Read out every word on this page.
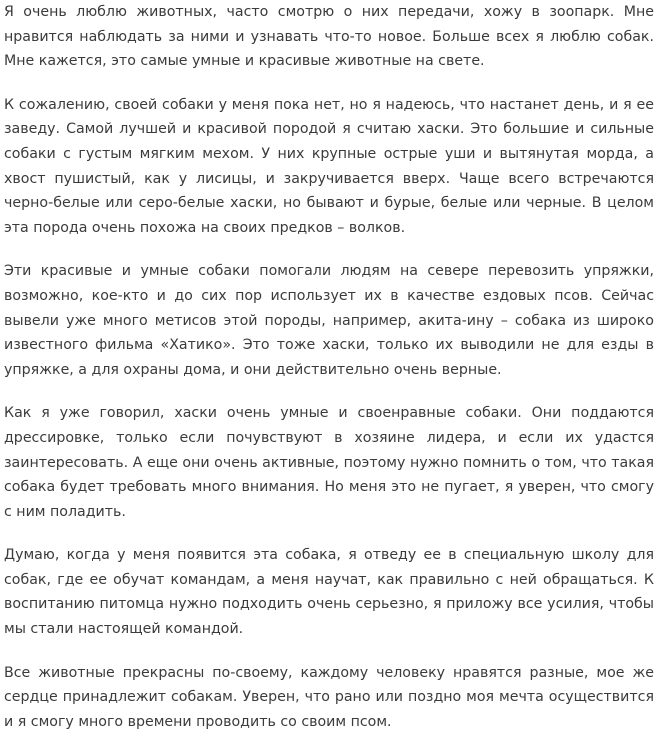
Я очень люблю животных, часто смотрю о них передачи, хожу в зоопарк. Мне нравится наблюдать за ними и узнавать что-то новое. Больше всех я люблю собак. Мне кажется, это самые умные и красивые животные на свете.

К сожалению, своей собаки у меня пока нет, но я надеюсь, что настанет день, и я ее заведу. Самой лучшей и красивой породой я считаю хаски. Это большие и сильные собаки с густым мягким мехом. У них крупные острые уши и вытянутая морда, а хвост пушистый, как у лисицы, и закручивается вверх. Чаще всего встречаются черно-белые или серо-белые хаски, но бывают и бурые, белые или черные. В целом эта порода очень похожа на своих предков – волков.

Эти красивые и умные собаки помогали людям на севере перевозить упряжки, возможно, кое-кто и до сих пор использует их в качестве ездовых псов. Сейчас вывели уже много метисов этой породы, например, акита-ину – собака из широко известного фильма «Хатико». Это тоже хаски, только их выводили не для езды в упряжке, а для охраны дома, и они действительно очень верные.

Как я уже говорил, хаски очень умные и своенравные собаки. Они поддаются дрессировке, только если почувствуют в хозяине лидера, и если их удастся заинтересовать. А еще они очень активные, поэтому нужно помнить о том, что такая собака будет требовать много внимания. Но меня это не пугает, я уверен, что смогу с ним поладить.

Думаю, когда у меня появится эта собака, я отведу ее в специальную школу для собак, где ее обучат командам, а меня научат, как правильно с ней обращаться. К воспитанию питомца нужно подходить очень серьезно, я приложу все усилия, чтобы мы стали настоящей командой.

Все животные прекрасны по-своему, каждому человеку нравятся разные, мое же сердце принадлежит собакам. Уверен, что рано или поздно моя мечта осуществится и я смогу много времени проводить со своим псом.
